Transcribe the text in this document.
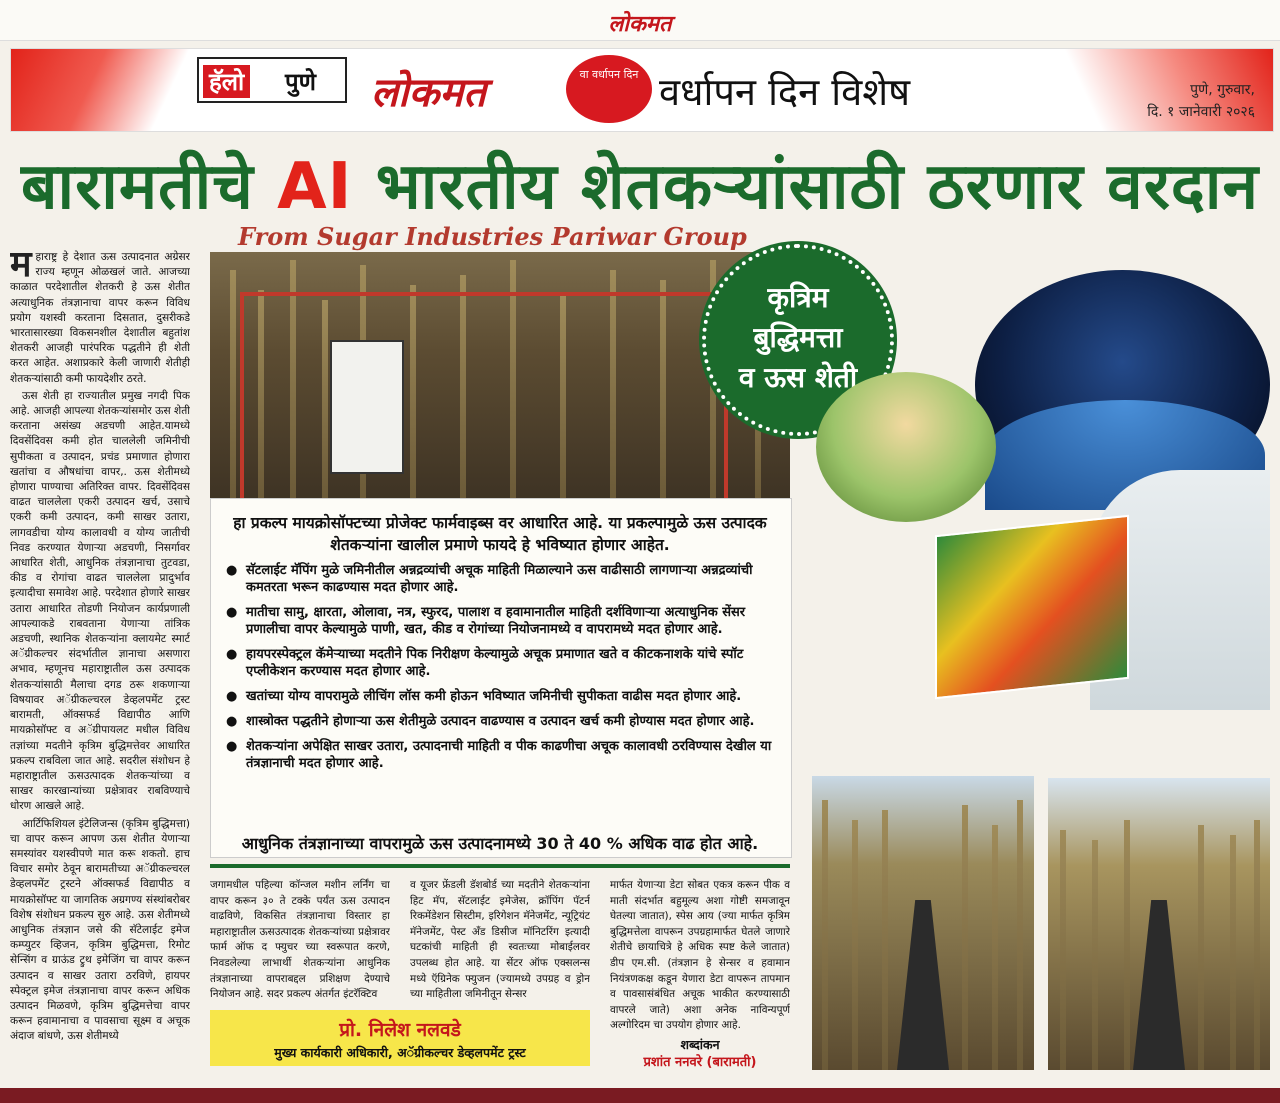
लोकमत
हॅलो पुणे लोकमत	वा वर्धापन दिन वर्धापन दिन विशेष	पुणे, गुरुवार,
दि. १ जानेवारी २०२६
बारामतीचे AI भारतीय शेतकऱ्यांसाठी ठरणार वरदान
From Sugar Industries Pariwar Group

महाराष्ट्र हे देशात ऊस उत्पादनात अग्रेसर राज्य म्हणून ओळखलं जाते. आजच्या काळात परदेशातील शेतकरी हे ऊस शेतीत अत्याधुनिक तंत्रज्ञानाचा वापर करून विविध प्रयोग यशस्वी करताना दिसतात, दुसरीकडे भारतासारख्या विकसनशील देशातील बहुतांश शेतकरी आजही पारंपरिक पद्धतीने ही शेती करत आहेत. अशाप्रकारे केली जाणारी शेतीही शेतकऱ्यांसाठी कमी फायदेशीर ठरते.

ऊस शेती हा राज्यातील प्रमुख नगदी पिक आहे. आजही आपल्या शेतकऱ्यांसमोर ऊस शेती करताना असंख्य अडचणी आहेत.यामध्ये दिवसेंदिवस कमी होत चाललेली जमिनीची सुपीकता व उत्पादन, प्रचंड प्रमाणात होणारा खतांचा व औषधांचा वापर,. ऊस शेतीमध्ये होणारा पाण्याचा अतिरिक्त वापर. दिवसेंदिवस वाढत चाललेला एकरी उत्पादन खर्च, उसाचे एकरी कमी उत्पादन, कमी साखर उतारा, लागवडीचा योग्य कालावधी व योग्य जातीची निवड करण्यात येणाऱ्या अडचणी, निसर्गावर आधारित शेती, आधुनिक तंत्रज्ञानाचा तुटवडा, कीड व रोगांचा वाढत चाललेला प्रादुर्भाव इत्यादीचा समावेश आहे. परदेशात होणारे साखर उतारा आधारित तोडणी नियोजन कार्यप्रणाली आपल्याकडे राबवताना येणाऱ्या तांत्रिक अडचणी, स्थानिक शेतकऱ्यांना क्लायमेट स्मार्ट अॅग्रीकल्चर संदर्भातील ज्ञानाचा असणारा अभाव, म्हणूनच महाराष्ट्रातील ऊस उत्पादक शेतकऱ्यांसाठी मैलाचा दगड ठरू शकणाऱ्या विषयावर अॅग्रीकल्चरल डेव्हलपमेंट ट्रस्ट बारामती, ऑक्सफर्ड विद्यापीठ आणि मायक्रोसॉफ्ट व अॅग्रीपायलट मधील विविध तज्ञांच्या मदतीने कृत्रिम बुद्धिमत्तेवर आधारित प्रकल्प राबविला जात आहे. सदरील संशोधन हे महाराष्ट्रातील ऊसउत्पादक शेतकऱ्यांच्या व साखर कारखान्यांच्या प्रक्षेत्रावर राबविण्याचे धोरण आखले आहे.

आर्टिफिशियल इंटेलिजन्स (कृत्रिम बुद्धिमत्ता) चा वापर करून आपण ऊस शेतीत येणाऱ्या समस्यांवर यशस्वीपणे मात करू शकतो. हाच विचार समोर ठेवून बारामतीच्या अॅग्रीकल्चरल डेव्हलपमेंट ट्रस्टने ऑक्सफर्ड विद्यापीठ व मायक्रोसॉफ्ट या जागतिक अग्रगण्य संस्थांबरोबर विशेष संशोधन प्रकल्प सुरु आहे. ऊस शेतीमध्ये आधुनिक तंत्रज्ञान जसे की सॅटेलाईट इमेज कम्प्युटर व्हिजन, कृत्रिम बुद्धिमत्ता, रिमोट सेन्सिंग व ग्राऊंड ट्रुथ इमेजिंग चा वापर करून उत्पादन व साखर उतारा ठरविणे, हायपर स्पेक्ट्रल इमेज तंत्रज्ञानाचा वापर करून अधिक उत्पादन मिळवणे, कृत्रिम बुद्धिमत्तेचा वापर करून हवामानाचा व पावसाचा सूक्ष्म व अचूक अंदाज बांधणे, ऊस शेतीमध्ये

कृत्रिम
बुद्धिमत्ता
व ऊस शेती
हा प्रकल्प मायक्रोसॉफ्टच्या प्रोजेक्ट फार्मवाइब्स वर आधारित आहे. या प्रकल्पामुळे ऊस उत्पादक शेतकऱ्यांना खालील प्रमाणे फायदे हे भविष्यात होणार आहेत.
● सॅटलाईट मॅपिंग मुळे जमिनीतील अन्नद्रव्यांची अचूक माहिती मिळाल्याने ऊस वाढीसाठी लागणाऱ्या अन्नद्रव्यांची कमतरता भरून काढण्यास मदत होणार आहे.
● मातीचा सामु, क्षारता, ओलावा, नत्र, स्फुरद, पालाश व हवामानातील माहिती दर्शविणाऱ्या अत्याधुनिक सेंसर प्रणालीचा वापर केल्यामुळे पाणी, खत, कीड व रोगांच्या नियोजनामध्ये व वापरामध्ये मदत होणार आहे.
● हायपरस्पेक्ट्रल कॅमेऱ्याच्या मदतीने पिक निरीक्षण केल्यामुळे अचूक प्रमाणात खते व कीटकनाशके यांचे स्पॉट एप्लीकेशन करण्यास मदत होणार आहे.
● खतांच्या योग्य वापरामुळे लीचिंग लॉस कमी होऊन भविष्यात जमिनीची सुपीकता वाढीस मदत होणार आहे.
● शास्त्रोक्त पद्धतीने होणाऱ्या ऊस शेतीमुळे उत्पादन वाढण्यास व उत्पादन खर्च कमी होण्यास मदत होणार आहे.
● शेतकऱ्यांना अपेक्षित साखर उतारा, उत्पादनाची माहिती व पीक काढणीचा अचूक कालावधी ठरविण्यास देखील या तंत्रज्ञानाची मदत होणार आहे.
आधुनिक तंत्रज्ञानाच्या वापरामुळे ऊस उत्पादनामध्ये 30 ते 40 % अधिक वाढ होत आहे.
जगामधील पहिल्या कॉन्जल मशीन लर्निंग चा वापर करून ३० ते टक्के पर्यंत ऊस उत्पादन वाढविणे, विकसित तंत्रज्ञानाचा विस्तार हा महाराष्ट्रातील ऊसउत्पादक शेतकऱ्यांच्या प्रक्षेत्रावर फार्म ऑफ द फ्युचर च्या स्वरूपात करणे, निवडलेल्या लाभार्थी शेतकऱ्यांना आधुनिक तंत्रज्ञानाच्या वापराबद्दल प्रशिक्षण देण्याचे नियोजन आहे. सदर प्रकल्प अंतर्गत इंटरॅक्टिव
व यूजर फ्रेंडली डॅशबोर्ड च्या मदतीने शेतकऱ्यांना हिट मॅप, सॅटलाईट इमेजेस, क्रॉपिंग पॅटर्न रिकमेंडेशन सिस्टीम, इरिगेशन मॅनेजमेंट, न्यूट्रियंट मॅनेजमेंट, पेस्ट अँड डिसीज मॉनिटरिंग इत्यादी घटकांची माहिती ही स्वतःच्या मोबाईलवर उपलब्ध होत आहे. या सेंटर ऑफ एक्सलन्स मध्ये ऍग्रिनेक फ्युजन (ज्यामध्ये उपग्रह व ड्रोन च्या माहितीला जमिनीतून सेन्सर
मार्फत येणाऱ्या डेटा सोबत एकत्र करून पीक व माती संदर्भात बहुमूल्य अशा गोष्टी समजावून घेतल्या जातात), स्पेस आय (ज्या मार्फत कृत्रिम बुद्धिमत्तेला वापरून उपग्रहामार्फत घेतले जाणारे शेतीचे छायाचित्रे हे अधिक स्पष्ट केले जातात) डीप एम.सी. (तंत्रज्ञान हे सेन्सर व हवामान नियंत्रणकक्ष कडून येणारा डेटा वापरून तापमान व पावसासंबंधित अचूक भाकीत करण्यासाठी वापरले जाते) अशा अनेक नाविन्यपूर्ण अल्गोरिदम चा उपयोग होणार आहे.
प्रो. निलेश नलवडे
मुख्य कार्यकारी अधिकारी, अॅग्रीकल्चर डेव्हलपमेंट ट्रस्ट
शब्दांकन
प्रशांत ननवरे (बारामती)
